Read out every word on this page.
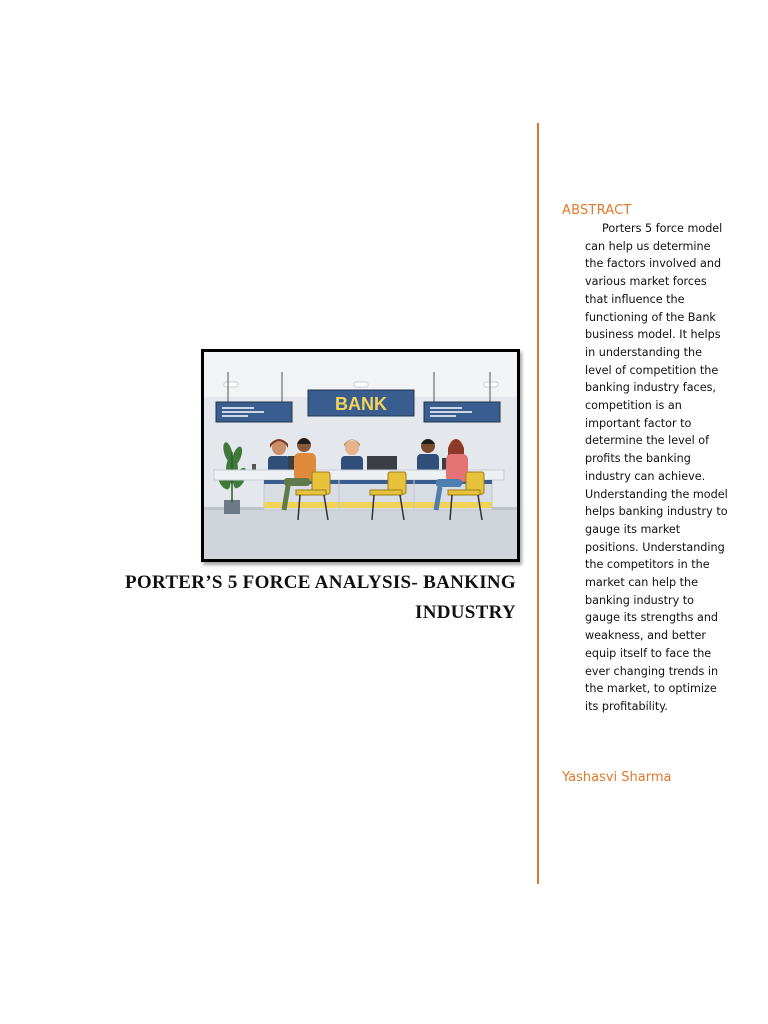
BANK
PORTER’S 5 FORCE ANALYSIS- BANKING
INDUSTRY
ABSTRACT
Porters 5 force model can help us determine the factors involved and various market forces that influence the functioning of the Bank business model. It helps in understanding the level of competition the banking industry faces, competition is an important factor to determine the level of profits the banking industry can achieve. Understanding the model helps banking industry to gauge its market positions. Understanding the competitors in the market can help the banking industry to gauge its strengths and weakness, and better equip itself to face the ever changing trends in the market, to optimize its profitability.
Yashasvi Sharma
